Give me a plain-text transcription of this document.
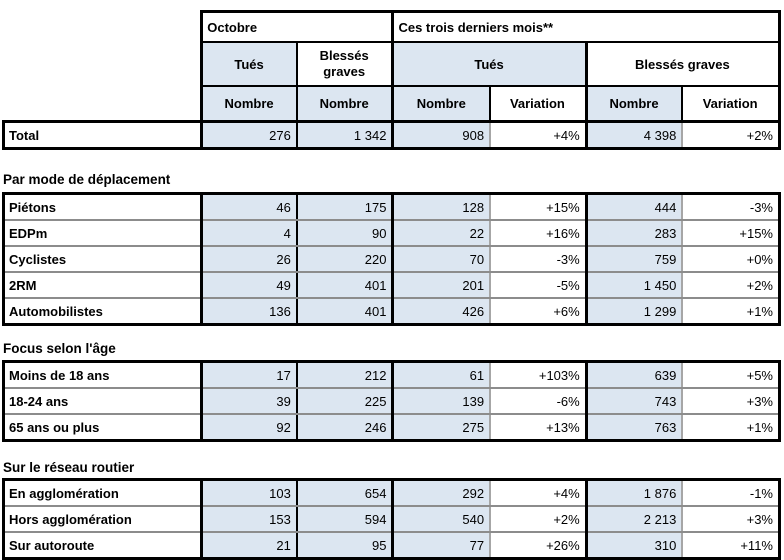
	Octobre		Ces trois derniers mois**			
	Tués	Blessés graves	Tués		Blessés graves	
	Nombre	Nombre	Nombre	Variation	Nombre	Variation
Total	276	1 342	908	+4%	4 398	+2%
Par mode de déplacement
Piétons	46	175	128	+15%	444	-3%
EDPm	4	90	22	+16%	283	+15%
Cyclistes	26	220	70	-3%	759	+0%
2RM	49	401	201	-5%	1 450	+2%
Automobilistes	136	401	426	+6%	1 299	+1%
Focus selon l'âge
Moins de 18 ans	17	212	61	+103%	639	+5%
18-24 ans	39	225	139	-6%	743	+3%
65 ans ou plus	92	246	275	+13%	763	+1%
Sur le réseau routier
En agglomération	103	654	292	+4%	1 876	-1%
Hors agglomération	153	594	540	+2%	2 213	+3%
Sur autoroute	21	95	77	+26%	310	+11%
